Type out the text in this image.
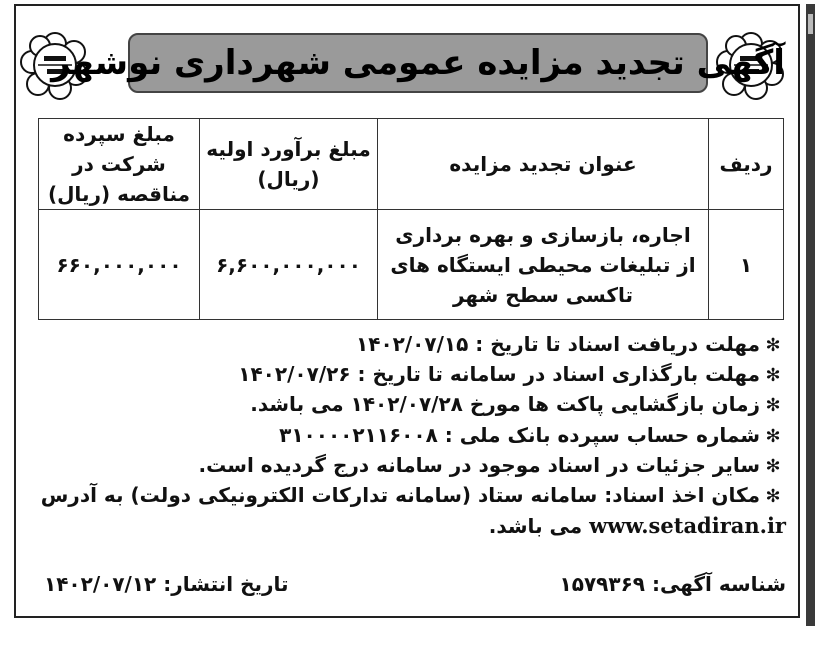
آگهی تجدید مزایده عمومی شهرداری نوشهر
ردیف	عنوان تجدید مزایده	مبلغ برآورد اولیه (ریال)	مبلغ سپرده شرکت در مناقصه (ریال)
۱	اجاره، بازسازی و بهره برداری از تبلیغات محیطی ایستگاه های تاکسی سطح شهر	۶,۶۰۰,۰۰۰,۰۰۰	۶۶۰,۰۰۰,۰۰۰
✻مهلت دریافت اسناد تا تاریخ : ۱۴۰۲/۰۷/۱۵
✻مهلت بارگذاری اسناد در سامانه تا تاریخ : ۱۴۰۲/۰۷/۲۶
✻زمان بازگشایی پاکت ها مورخ ۱۴۰۲/۰۷/۲۸ می باشد.
✻شماره حساب سپرده بانک ملی : ۳۱۰۰۰۰۲۱۱۶۰۰۸
✻سایر جزئیات در اسناد موجود در سامانه درج گردیده است.
✻مکان اخذ اسناد: سامانه ستاد (سامانه تدارکات الکترونیکی دولت) به آدرس
www.setadiran.ir می باشد.
شناسه آگهی: ۱۵۷۹۳۶۹
تاریخ انتشار: ۱۴۰۲/۰۷/۱۲
